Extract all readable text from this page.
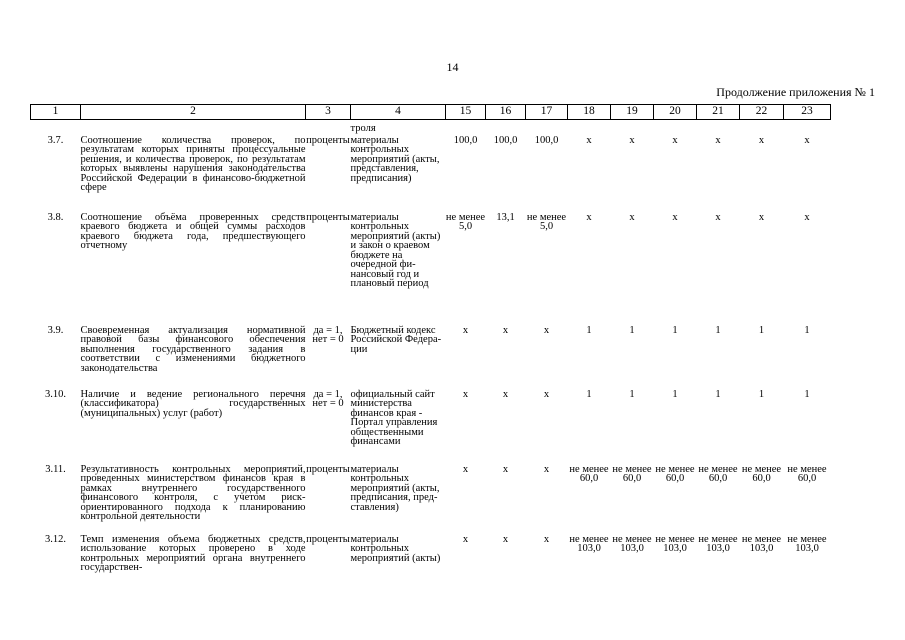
14
Продолжение приложения № 1
1	2	3	4	15	16	17	18	19	20	21	22	23
			троля									
3.7.	Соотношение количества проверок, по результатам которых приняты процессуальные решения, и количества проверок, по результатам которых выявлены нарушения законодательства Российской Федерации в финансово-бюджетной сфере	проценты	материалы контрольных мероприятий (акты, представления, предписания)	100,0	100,0	100,0	x	x	x	x	x	x
3.8.	Соотношение объёма проверенных средств краевого бюджета и общей суммы расходов краевого бюджета года, предшествующего отчетному	проценты	материалы контрольных мероприятий (акты) и закон о краевом бюджете на очередной финансовый год и плановый период	не менее 5,0	13,1	не менее 5,0	x	x	x	x	x	x
3.9.	Своевременная актуализация нормативной правовой базы финансового обеспечения выполнения государственного задания в соответствии с изменениями бюджетного законодательства	да = 1, нет = 0	Бюджетный кодекс Российской Федерации	x	x	x	1	1	1	1	1	1
3.10.	Наличие и ведение регионального перечня (классификатора) государственных (муниципальных) услуг (работ)	да = 1, нет = 0	официальный сайт министерства финансов края - Портал управления общественными финансами	x	x	x	1	1	1	1	1	1
3.11.	Результативность контрольных мероприятий, проведенных министерством финансов края в рамках внутреннего государственного финансового контроля, с учетом риск-ориентированного подхода к планированию контрольной деятельности	проценты	материалы контрольных мероприятий (акты, предписания, представления)	x	x	x	не менее 60,0	не менее 60,0	не менее 60,0	не менее 60,0	не менее 60,0	не менее 60,0
3.12.	Темп изменения объема бюджетных средств, использование которых проверено в ходе контрольных мероприятий органа внутреннего государствен-	проценты	материалы контрольных мероприятий (акты)	x	x	x	не менее 103,0	не менее 103,0	не менее 103,0	не менее 103,0	не менее 103,0	не менее 103,0
